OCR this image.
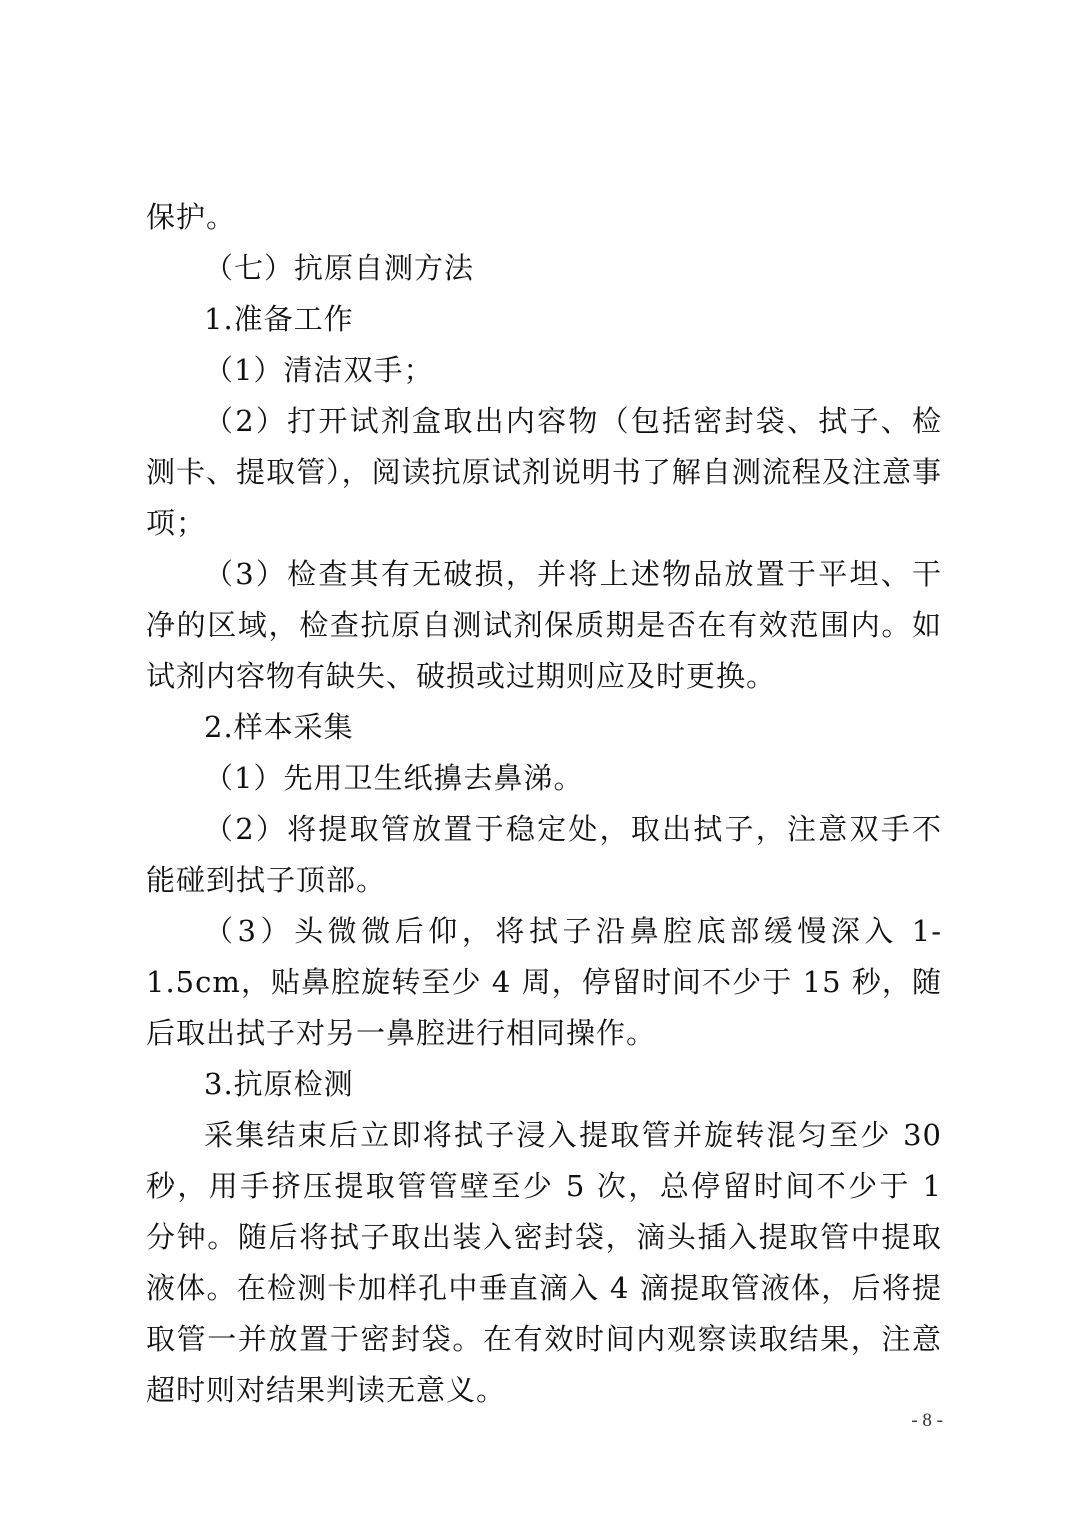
保护。

（七）抗原自测方法

1.准备工作

（1）清洁双手；

（2）打开试剂盒取出内容物（包括密封袋、拭子、检测卡、提取管），阅读抗原试剂说明书了解自测流程及注意事项；

（3）检查其有无破损，并将上述物品放置于平坦、干净的区域，检查抗原自测试剂保质期是否在有效范围内。如试剂内容物有缺失、破损或过期则应及时更换。

2.样本采集

（1）先用卫生纸擤去鼻涕。

（2）将提取管放置于稳定处，取出拭子，注意双手不能碰到拭子顶部。

（3）头微微后仰，将拭子沿鼻腔底部缓慢深入 1-1.5cm，贴鼻腔旋转至少 4 周，停留时间不少于 15 秒，随后取出拭子对另一鼻腔进行相同操作。

3.抗原检测

采集结束后立即将拭子浸入提取管并旋转混匀至少 30 秒，用手挤压提取管管壁至少 5 次，总停留时间不少于 1 分钟。随后将拭子取出装入密封袋，滴头插入提取管中提取液体。在检测卡加样孔中垂直滴入 4 滴提取管液体，后将提取管一并放置于密封袋。在有效时间内观察读取结果，注意超时则对结果判读无意义。

- 8 -
